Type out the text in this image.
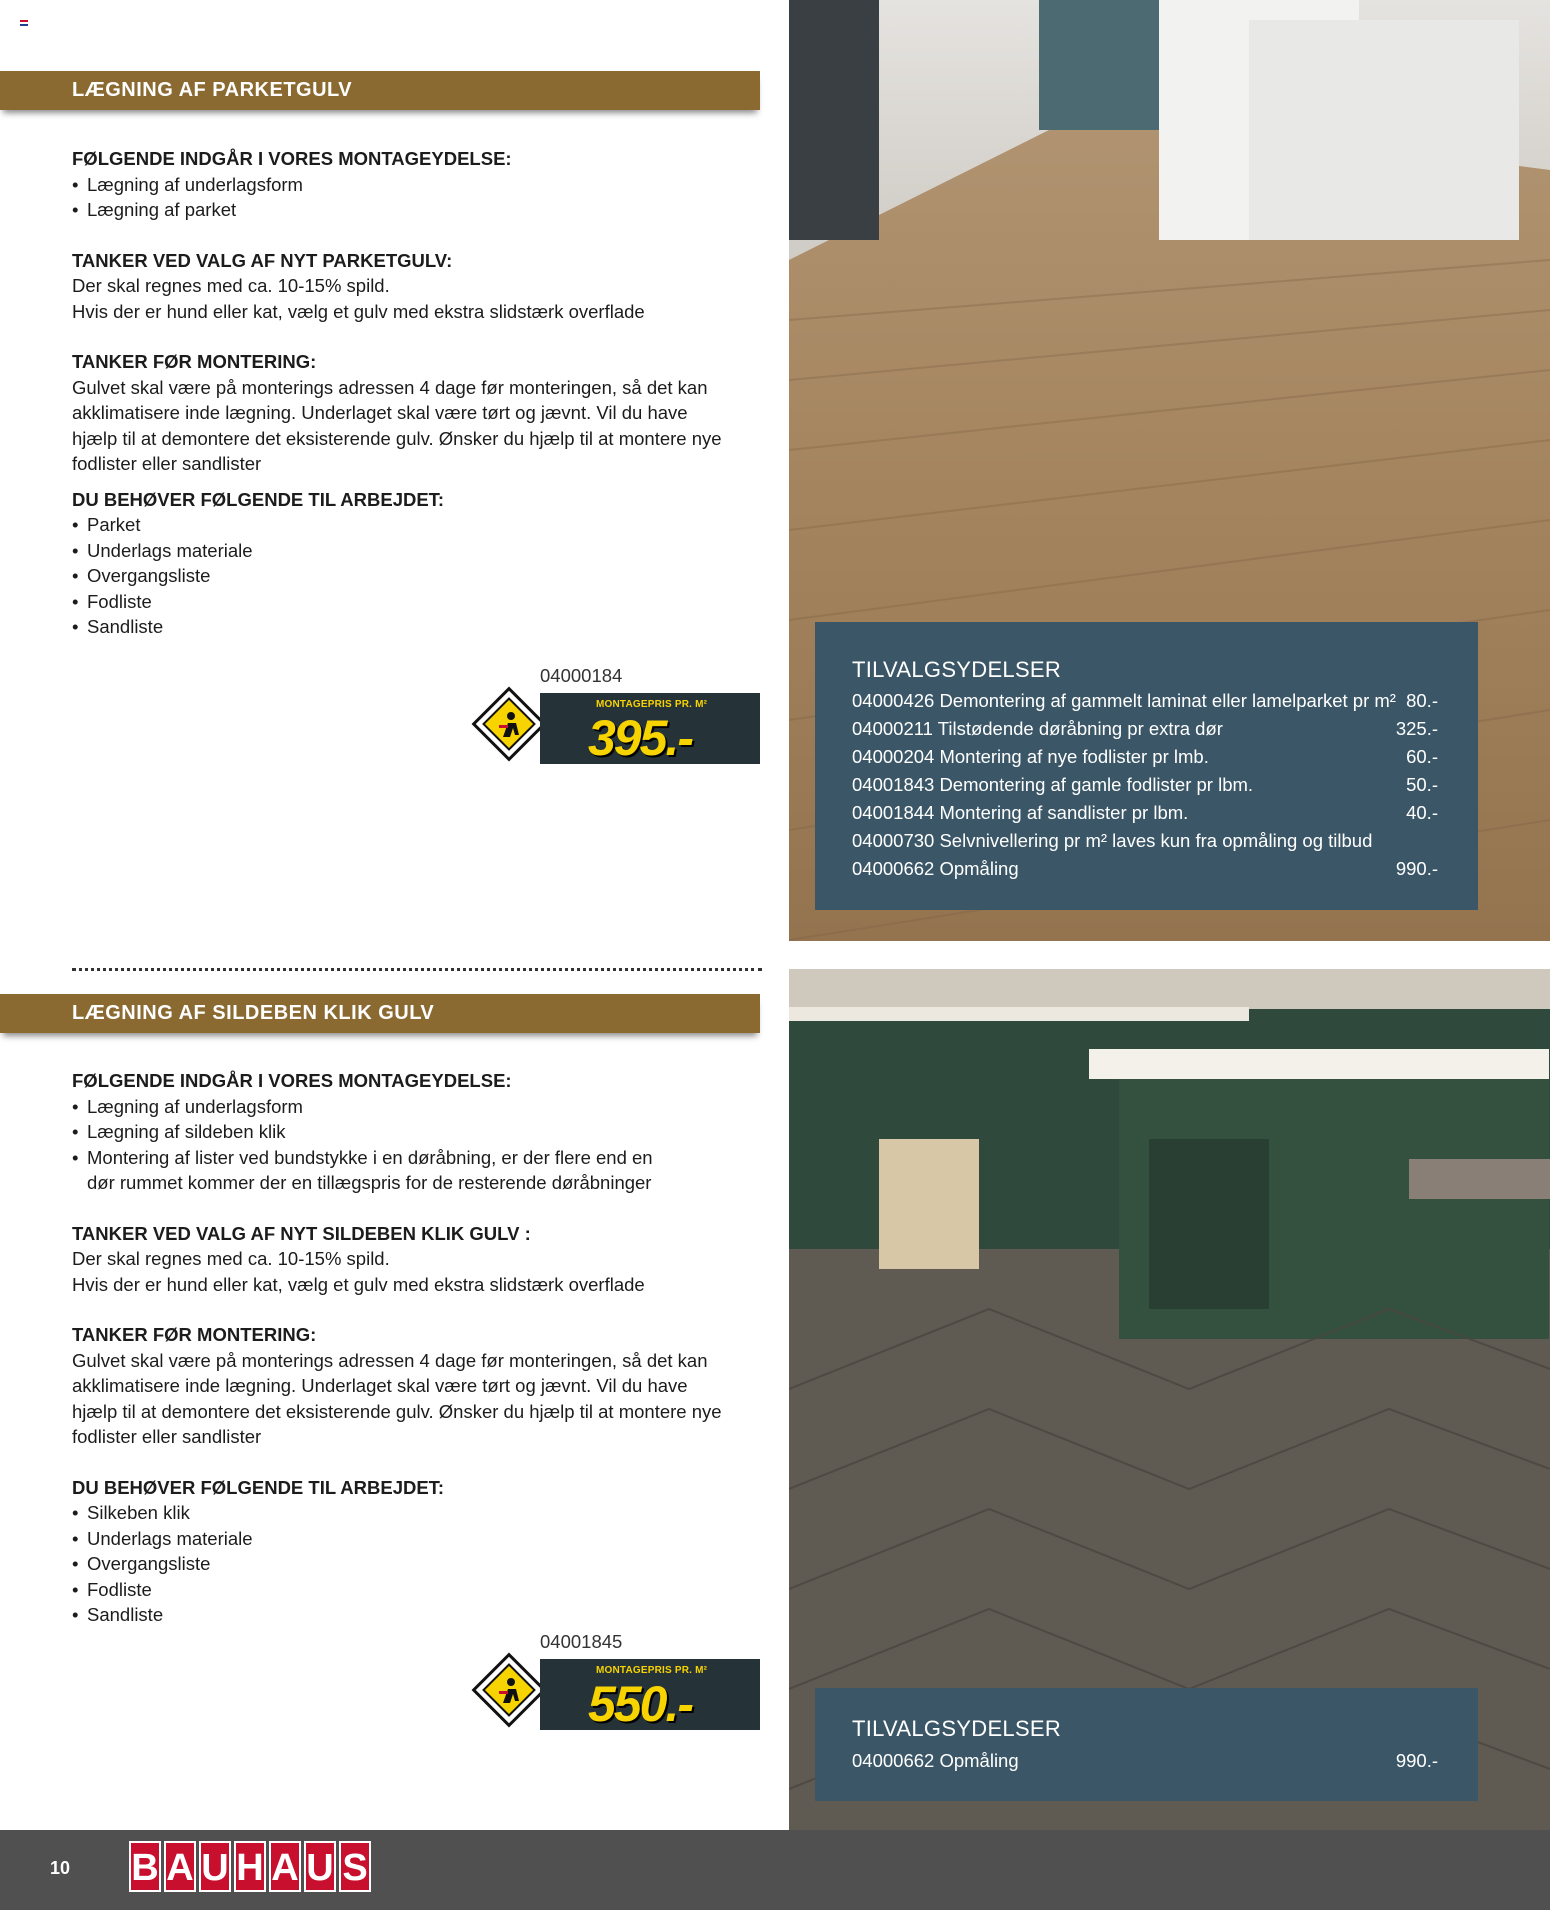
LÆGNING AF PARKETGULV
FØLGENDE INDGÅR I VORES MONTAGEYDELSE:
• Lægning af underlagsform
• Lægning af parket
TANKER VED VALG AF NYT PARKETGULV:

Der skal regnes med ca. 10-15% spild.

Hvis der er hund eller kat, vælg et gulv med ekstra slidstærk overflade

TANKER FØR MONTERING:

Gulvet skal være på monterings adressen 4 dage før monteringen, så det kan akklimatisere inde lægning. Underlaget skal være tørt og jævnt. Vil du have hjælp til at demontere det eksisterende gulv. Ønsker du hjælp til at montere nye fodlister eller sandlister

DU BEHØVER FØLGENDE TIL ARBEJDET:
• Parket
• Underlags materiale
• Overgangsliste
• Fodliste
• Sandliste
04000184
MONTAGEPRIS PR. M²
395.-
TILVALGSYDELSER
04000426 Demontering af gammelt laminat eller lamelparket pr m² 80.-
04000211 Tilstødende døråbning pr extra dør	325.-
04000204 Montering af nye fodlister pr lmb.	60.-
04001843 Demontering af gamle fodlister pr lbm.	50.-
04001844 Montering af sandlister pr lbm.	40.-
04000730 Selvnivellering pr m² laves kun fra opmåling og tilbud
04000662 Opmåling	990.-
LÆGNING AF SILDEBEN KLIK GULV
FØLGENDE INDGÅR I VORES MONTAGEYDELSE:
• Lægning af underlagsform
• Lægning af sildeben klik
• Montering af lister ved bundstykke i en døråbning, er der flere end en dør rummet kommer der en tillægspris for de resterende døråbninger
TANKER VED VALG AF NYT SILDEBEN KLIK GULV :

Der skal regnes med ca. 10-15% spild.

Hvis der er hund eller kat, vælg et gulv med ekstra slidstærk overflade

TANKER FØR MONTERING:

Gulvet skal være på monterings adressen 4 dage før monteringen, så det kan akklimatisere inde lægning. Underlaget skal være tørt og jævnt. Vil du have hjælp til at demontere det eksisterende gulv. Ønsker du hjælp til at montere nye fodlister eller sandlister

DU BEHØVER FØLGENDE TIL ARBEJDET:
• Silkeben klik
• Underlags materiale
• Overgangsliste
• Fodliste
• Sandliste
04001845
MONTAGEPRIS PR. M²
550.-	TILVALGSYDELSER
04000662 Opmåling	990.-
10 B A U H A U S
